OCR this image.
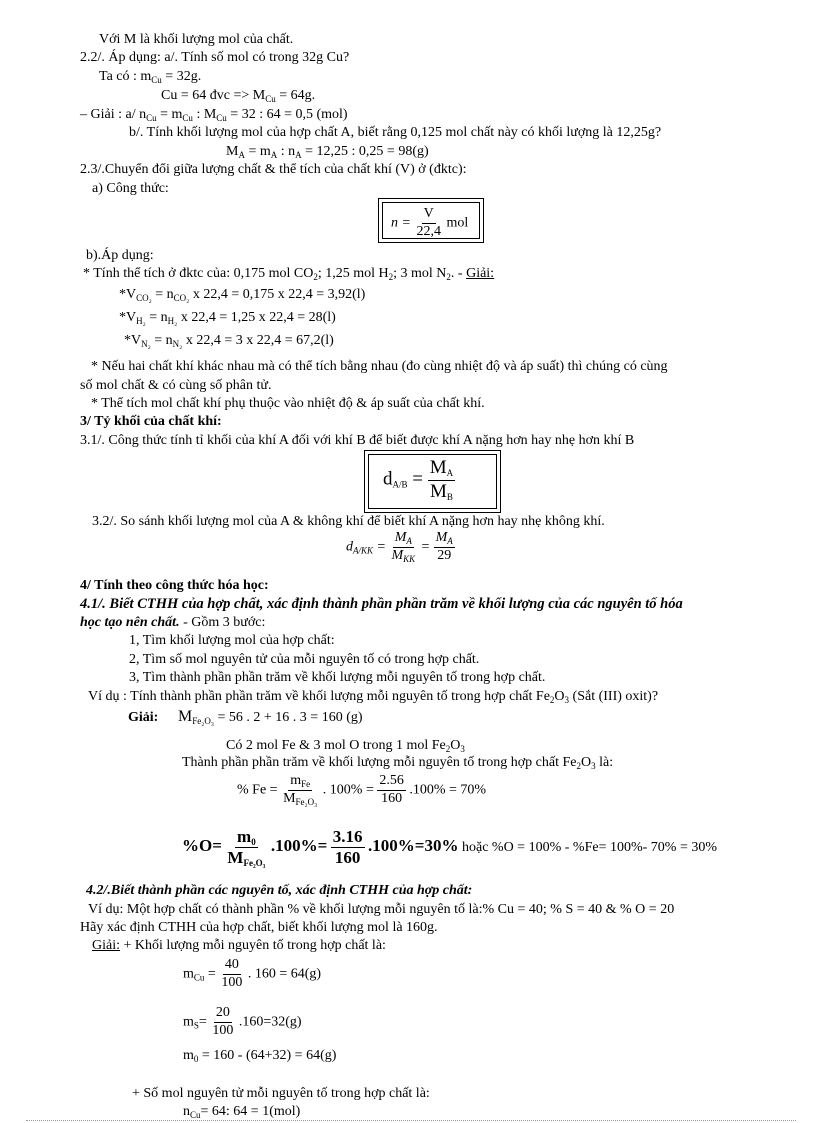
Với M là khối lượng mol của chất.
2.2/. Áp dụng: a/. Tính số mol có trong 32g Cu?
Ta có : $m_{Cu} = 32g$.
Cu = 64 đvc => $M_{Cu} = 64g$.
– Giải : a/ $n_{Cu} = m_{Cu}$ : $M_{Cu} = 32$ : 64 = 0,5 (mol)
b/. Tính khối lượng mol của hợp chất A, biết rằng 0,125 mol chất này có khối lượng là 12,25g?
$M_A = m_A$ : $n_A = 12,25$ : 0,25 = 98(g)
2.3/.Chuyển đổi giữa lượng chất & thể tích của chất khí (V) ở (đktc):
a) Công thức:
$n = \frac{V}{22,4}$ mol
b).Áp dụng:
* Tính thể tích ở đktc của: 0,175 mol $CO_2$; 1,25 mol $H_2$; 3 mol $N_2$. - Giải:
$*V_{CO_2} = n_{CO_2}$ x 22,4 = 0,175 x 22,4 = 3,92(l)
$*V_{H_2} = n_{H_2}$ x 22,4 = 1,25 x 22,4 = 28(l)
$*V_{N_2} = n_{N_2}$ x 22,4 = 3 x 22,4 = 67,2(l)
* Nếu hai chất khí khác nhau mà có thể tích bằng nhau (đo cùng nhiệt độ và áp suất) thì chúng có cùng
số mol chất & có cùng số phân tử.
* Thể tích mol chất khí phụ thuộc vào nhiệt độ & áp suất của chất khí.
3/ Tỷ khối của chất khí:
3.1/. Công thức tính tỉ khối của khí A đối với khí B để biết được khí A nặng hơn hay nhẹ hơn khí B
$d_{A/B} = \frac{M_A}{M_B}$
3.2/. So sánh khối lượng mol của A & không khí để biết khí A nặng hơn hay nhẹ không khí.
$d_{A/KK} = \frac{M_A}{M_{KK}} = \frac{M_A}{29}$
4/ Tính theo công thức hóa học:
4.1/. Biết CTHH của hợp chất, xác định thành phần phần trăm về khối lượng của các nguyên tố hóa
học tạo nên chất. - Gồm 3 bước:
1, Tìm khối lượng mol của hợp chất:
2, Tìm số mol nguyên tử của mỗi nguyên tố có trong hợp chất.
3, Tìm thành phần phần trăm về khối lượng mỗi nguyên tố trong hợp chất.
Ví dụ : Tính thành phần phần trăm về khối lượng mỗi nguyên tố trong hợp chất $Fe_2O_3$ (Sắt (III) oxit)?
Giải: $M_{Fe_2O_3} = 56$ . 2 + 16 . 3 = 160 (g)
Có 2 mol Fe & 3 mol O trong 1 mol $Fe_2O_3$
Thành phần phần trăm về khối lượng mỗi nguyên tố trong hợp chất $Fe_2O_3$ là:
% $Fe = \frac{m_{Fe}}{M_{Fe_2O_3}}$ . $100\% = \frac{2.56}{160} .100\% = 70\%$
$\%O= \frac{m_0}{M_{Fe_2O_3}} .100\%= \frac{3.16}{160} .100\%=30\%$ hoặc %O = 100% - %Fe= 100%- 70% = 30%
4.2/.Biết thành phần các nguyên tố, xác định CTHH của hợp chất:
Ví dụ: Một hợp chất có thành phần % về khối lượng mỗi nguyên tố là:% Cu = 40; % S = 40 & % O = 20
Hãy xác định CTHH của hợp chất, biết khối lượng mol là 160g.
Giải: + Khối lượng mỗi nguyên tố trong hợp chất là:
$m_{Cu} = \frac{40}{100}$ . 160 = 64(g)
$m_S= \frac{20}{100} .160=32(g)$
$m_0 = 160 - (64+32) = 64(g)$
+ Số mol nguyên tử mỗi nguyên tố trong hợp chất là:
$n_{Cu}= 64$: 64 = 1(mol)
